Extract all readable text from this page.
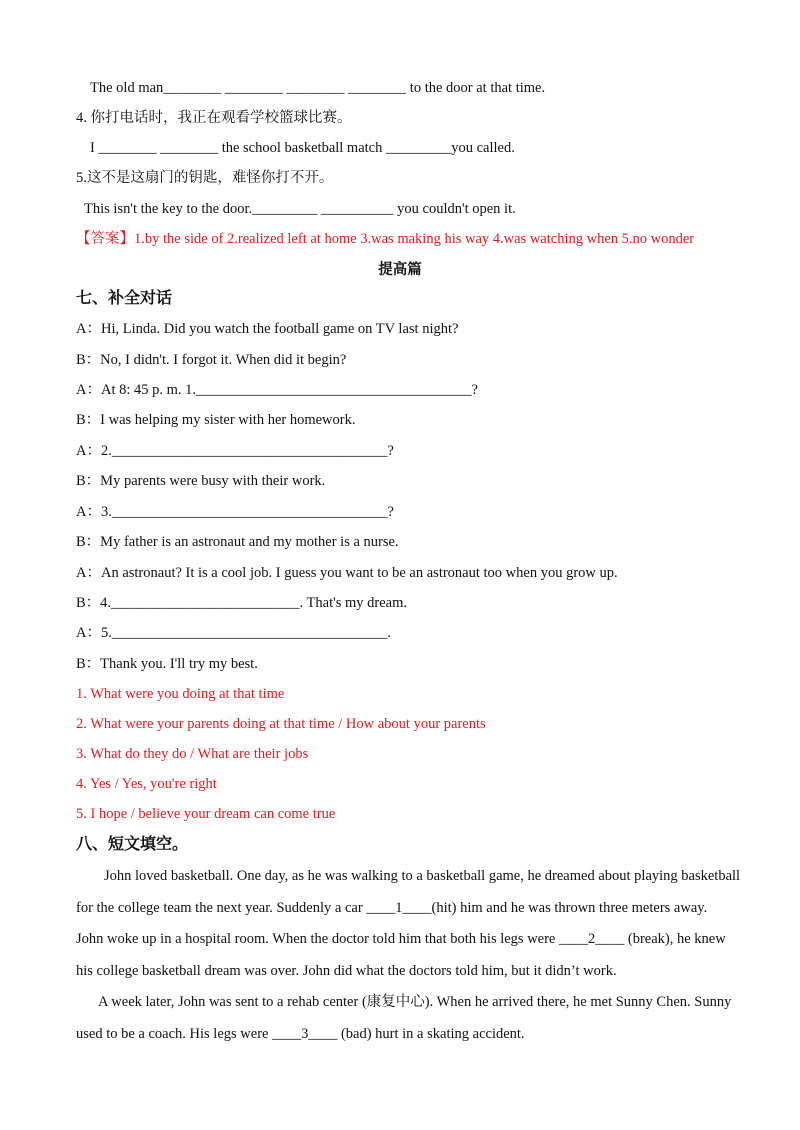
The old man________ ________ ________ ________ to the door at that time.
4. 你打电话时，我正在观看学校篮球比赛。
I ________ ________ the school basketball match _________you called.
5.这不是这扇门的钥匙，难怪你打不开。
This isn't the key to the door._________ __________ you couldn't open it.
【答案】1.by the side of 2.realized left at home 3.was making his way 4.was watching when 5.no wonder
提高篇
七、补全对话
A：Hi, Linda. Did you watch the football game on TV last night?
B：No, I didn't. I forgot it. When did it begin?
A：At 8: 45 p. m. 1.______________________________________?
B：I was helping my sister with her homework.
A：2.______________________________________?
B：My parents were busy with their work.
A：3.______________________________________?
B：My father is an astronaut and my mother is a nurse.
A：An astronaut? It is a cool job. I guess you want to be an astronaut too when you grow up.
B：4.__________________________. That's my dream.
A：5.______________________________________.
B：Thank you. I'll try my best.
1. What were you doing at that time
2. What were your parents doing at that time / How about your parents
3. What do they do / What are their jobs
4. Yes / Yes, you're right
5. I hope / believe your dream can come true
八、短文填空。
John loved basketball. One day, as he was walking to a basketball game, he dreamed about playing basketball
for the college team the next year. Suddenly a car ____1____(hit) him and he was thrown three meters away.
John woke up in a hospital room. When the doctor told him that both his legs were ____2____ (break), he knew
his college basketball dream was over. John did what the doctors told him, but it didn’t work.
A week later, John was sent to a rehab center (康复中心). When he arrived there, he met Sunny Chen. Sunny
used to be a coach. His legs were ____3____ (bad) hurt in a skating accident.
